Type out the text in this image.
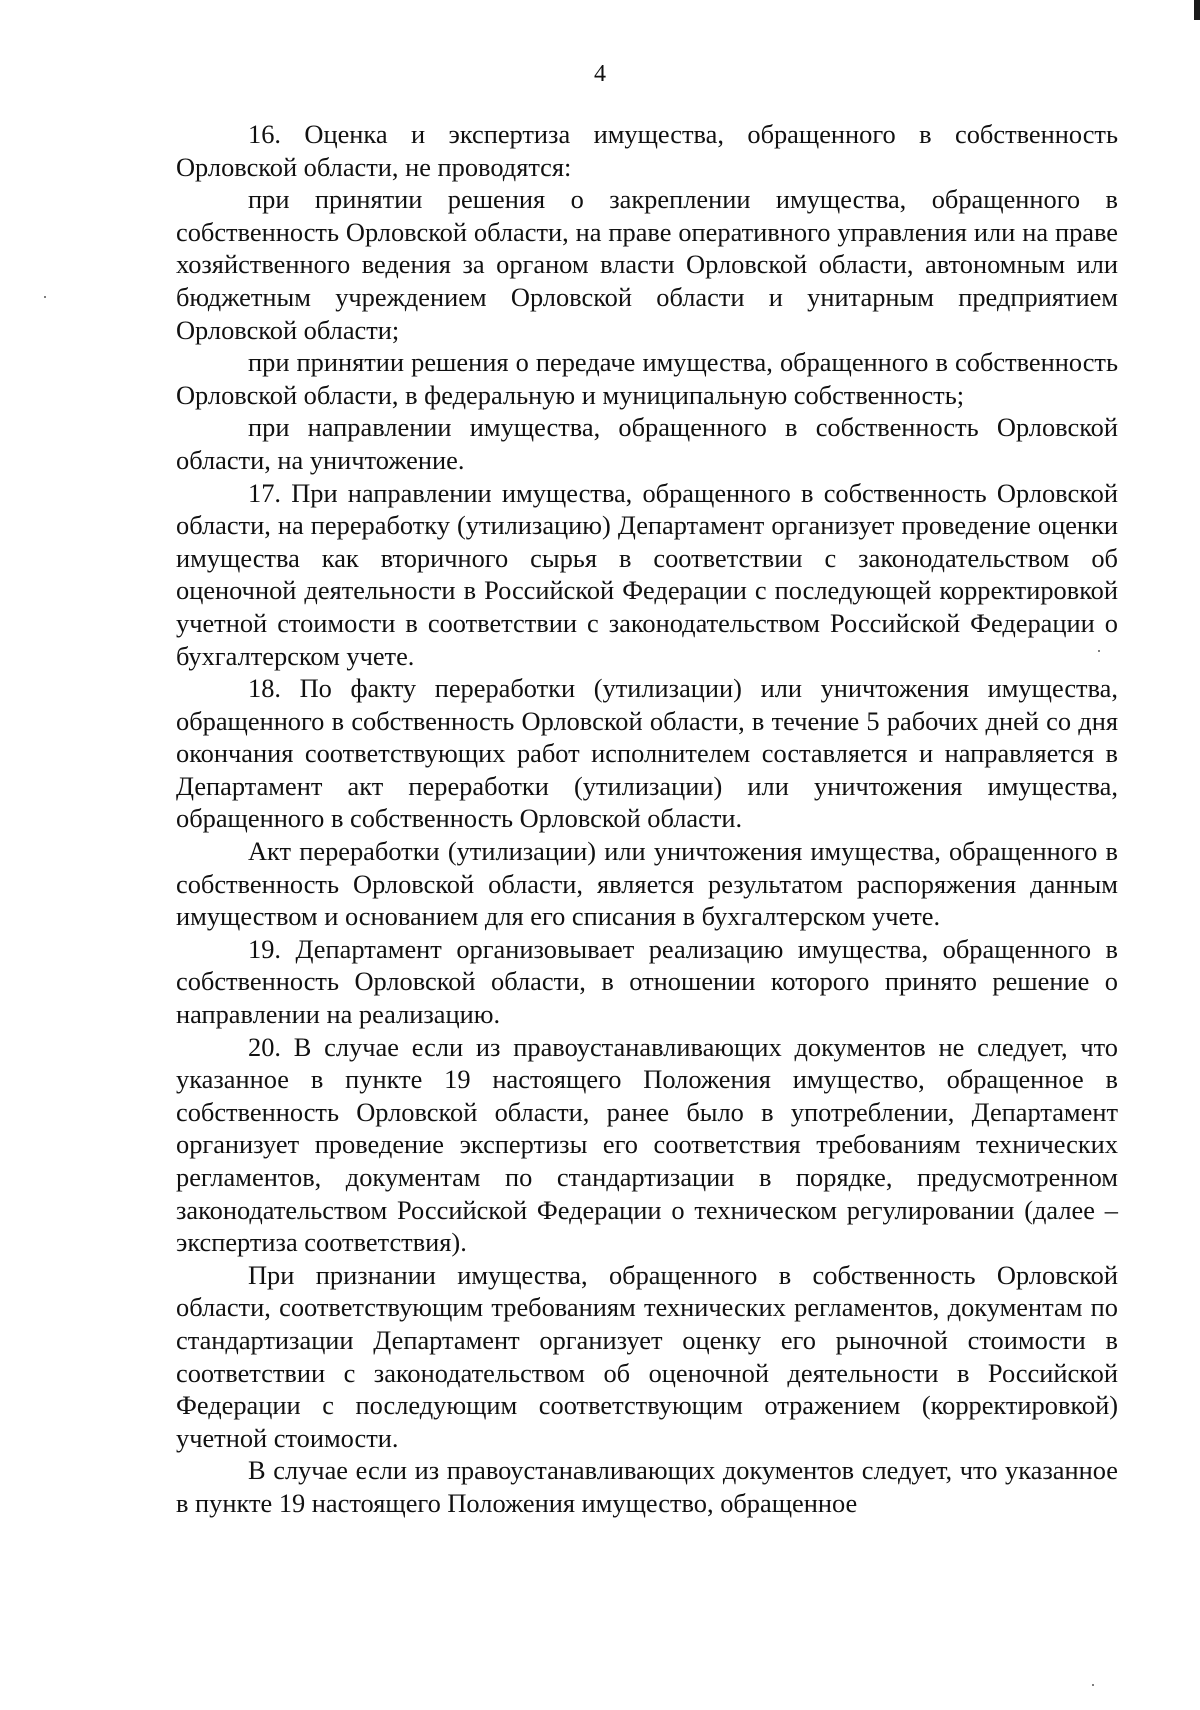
4

16. Оценка и экспертиза имущества, обращенного в собственность Орловской области, не проводятся:

при принятии решения о закреплении имущества, обращенного в собственность Орловской области, на праве оперативного управления или на праве хозяйственного ведения за органом власти Орловской области, автономным или бюджетным учреждением Орловской области и унитарным предприятием Орловской области;

при принятии решения о передаче имущества, обращенного в собственность Орловской области, в федеральную и муниципальную собственность;

при направлении имущества, обращенного в собственность Орловской области, на уничтожение.

17. При направлении имущества, обращенного в собственность Орловской области, на переработку (утилизацию) Департамент организует проведение оценки имущества как вторичного сырья в соответствии с законодательством об оценочной деятельности в Российской Федерации с последующей корректировкой учетной стоимости в соответствии с законодательством Российской Федерации о бухгалтерском учете.

18. По факту переработки (утилизации) или уничтожения имущества, обращенного в собственность Орловской области, в течение 5 рабочих дней со дня окончания соответствующих работ исполнителем составляется и направляется в Департамент акт переработки (утилизации) или уничтожения имущества, обращенного в собственность Орловской области.

Акт переработки (утилизации) или уничтожения имущества, обращенного в собственность Орловской области, является результатом распоряжения данным имуществом и основанием для его списания в бухгалтерском учете.

19. Департамент организовывает реализацию имущества, обращенного в собственность Орловской области, в отношении которого принято решение о направлении на реализацию.

20. В случае если из правоустанавливающих документов не следует, что указанное в пункте 19 настоящего Положения имущество, обращенное в собственность Орловской области, ранее было в употреблении, Департамент организует проведение экспертизы его соответствия требованиям технических регламентов, документам по стандартизации в порядке, предусмотренном законодательством Российской Федерации о техническом регулировании (далее – экспертиза соответствия).

При признании имущества, обращенного в собственность Орловской области, соответствующим требованиям технических регламентов, документам по стандартизации Департамент организует оценку его рыночной стоимости в соответствии с законодательством об оценочной деятельности в Российской Федерации с последующим соответствующим отражением (корректировкой) учетной стоимости.

В случае если из правоустанавливающих документов следует, что указанное в пункте 19 настоящего Положения имущество, обращенное
